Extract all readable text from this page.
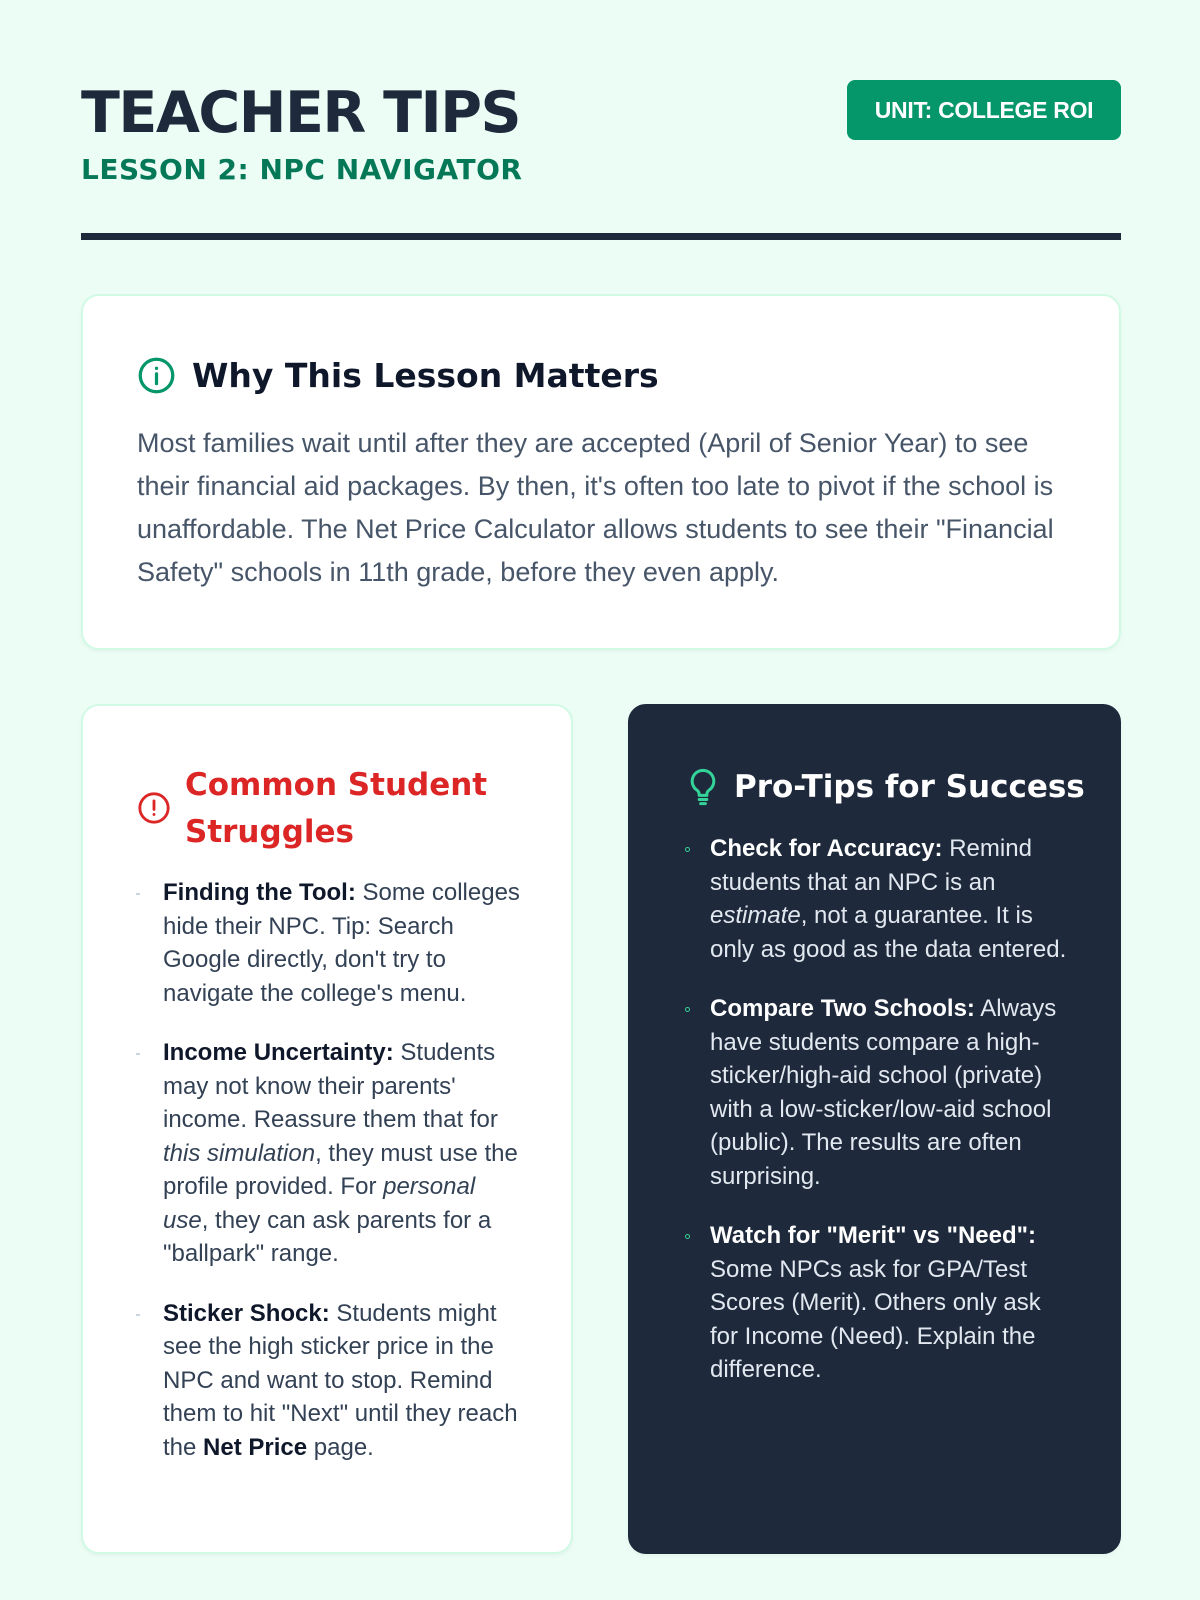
TEACHER TIPS
LESSON 2: NPC NAVIGATOR
UNIT: COLLEGE ROI
Why This Lesson Matters

Most families wait until after they are accepted (April of Senior Year) to see their financial aid packages. By then, it's often too late to pivot if the school is unaffordable. The Net Price Calculator allows students to see their "Financial Safety" schools in 11th grade, before they even apply.

Common Student Struggles
Finding the Tool: Some colleges hide their NPC. Tip: Search Google directly, don't try to navigate the college's menu.
Income Uncertainty: Students may not know their parents' income. Reassure them that for this simulation, they must use the profile provided. For personal use, they can ask parents for a "ballpark" range.
Sticker Shock: Students might see the high sticker price in the NPC and want to stop. Remind them to hit "Next" until they reach the Net Price page.
Pro-Tips for Success
Check for Accuracy: Remind students that an NPC is an estimate, not a guarantee. It is only as good as the data entered.
Compare Two Schools: Always have students compare a high-sticker/high-aid school (private) with a low-sticker/low-aid school (public). The results are often surprising.
Watch for "Merit" vs "Need": Some NPCs ask for GPA/Test Scores (Merit). Others only ask for Income (Need). Explain the difference.
